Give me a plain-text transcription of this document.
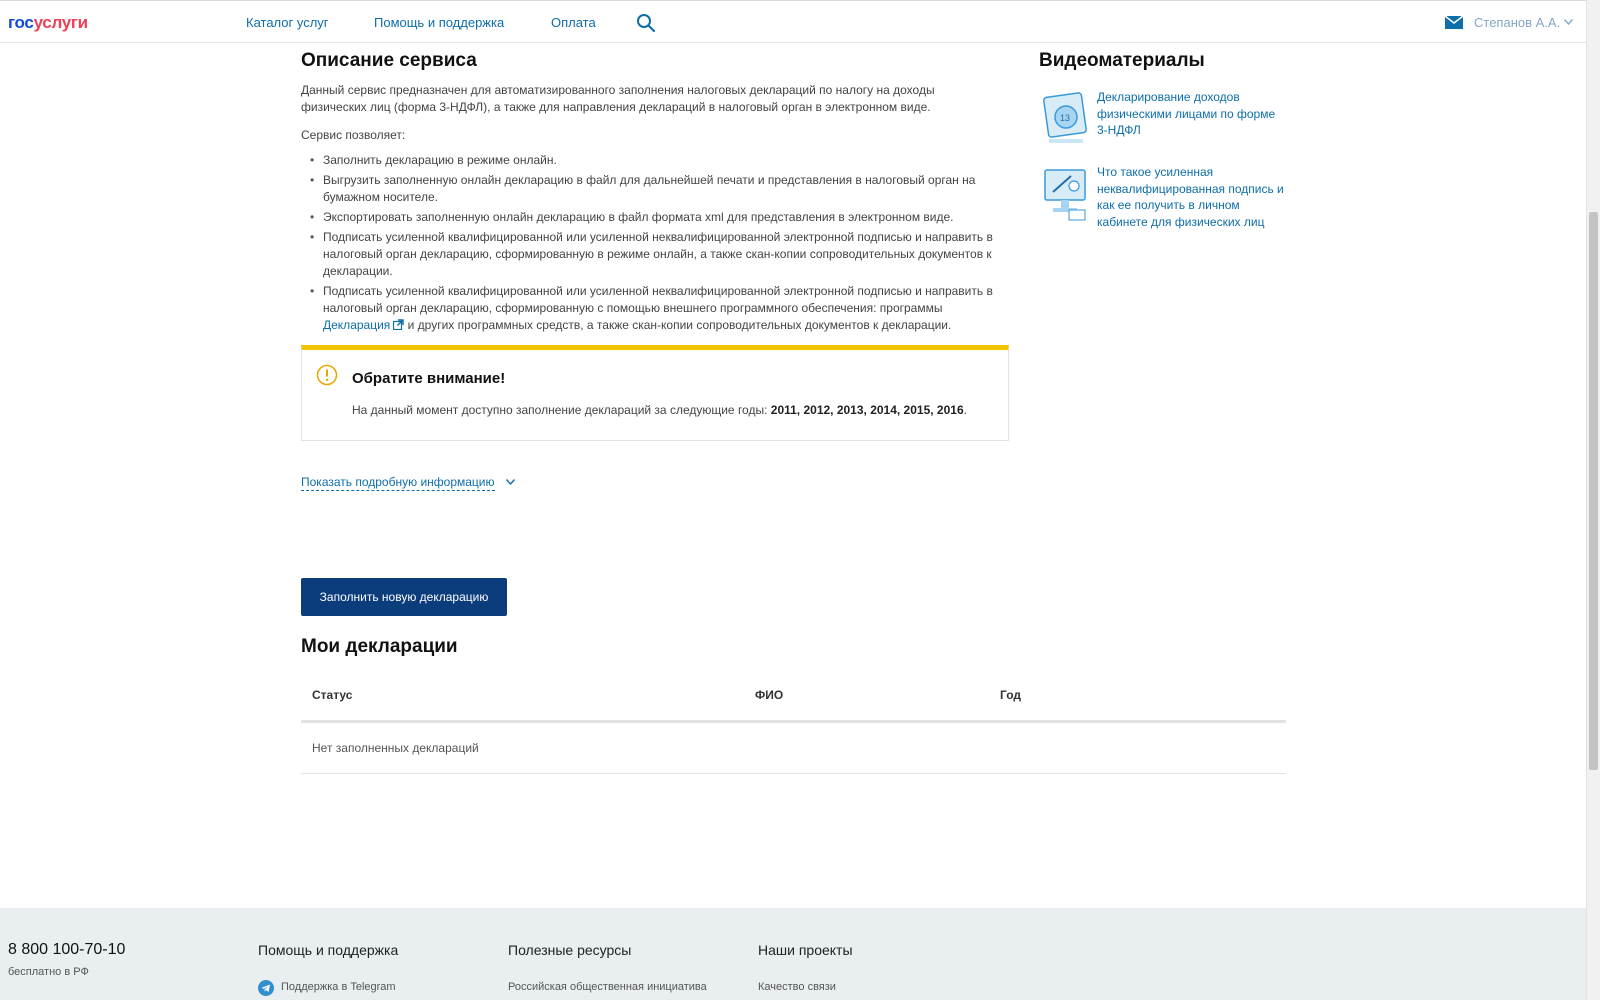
госуслуги	Каталог услуг	Помощь и поддержка	Оплата	Степанов А.А.
Описание сервиса
Данный сервис предназначен для автоматизированного заполнения налоговых деклараций по налогу на доходы физических лиц (форма 3-НДФЛ), а также для направления деклараций в налоговый орган в электронном виде.
Сервис позволяет:
• Заполнить декларацию в режиме онлайн.
• Выгрузить заполненную онлайн декларацию в файл для дальнейшей печати и представления в налоговый орган на бумажном носителе.
• Экспортировать заполненную онлайн декларацию в файл формата xml для представления в электронном виде.
• Подписать усиленной квалифицированной или усиленной неквалифицированной электронной подписью и направить в налоговый орган декларацию, сформированную в режиме онлайн, а также скан-копии сопроводительных документов к декларации.
• Подписать усиленной квалифицированной или усиленной неквалифицированной электронной подписью и направить в налоговый орган декларацию, сформированную с помощью внешнего программного обеспечения: программы Декларация и других программных средств, а также скан-копии сопроводительных документов к декларации.
Обратите внимание!
На данный момент доступно заполнение деклараций за следующие годы: 2011, 2012, 2013, 2014, 2015, 2016.
Показать подробную информацию
Заполнить новую декларацию
Мои декларации
Статус	ФИО	Год
Нет заполненных деклараций
Видеоматериалы
13
Декларирование доходов физическими лицами по форме 3-НДФЛ
Что такое усиленная неквалифицированная подпись и как ее получить в личном кабинете для физических лиц
8 800 100-70-10
бесплатно в РФ
Помощь и поддержка	Полезные ресурсы	Наши проекты
Поддержка в Telegram	Российская общественная инициатива	Качество связи
